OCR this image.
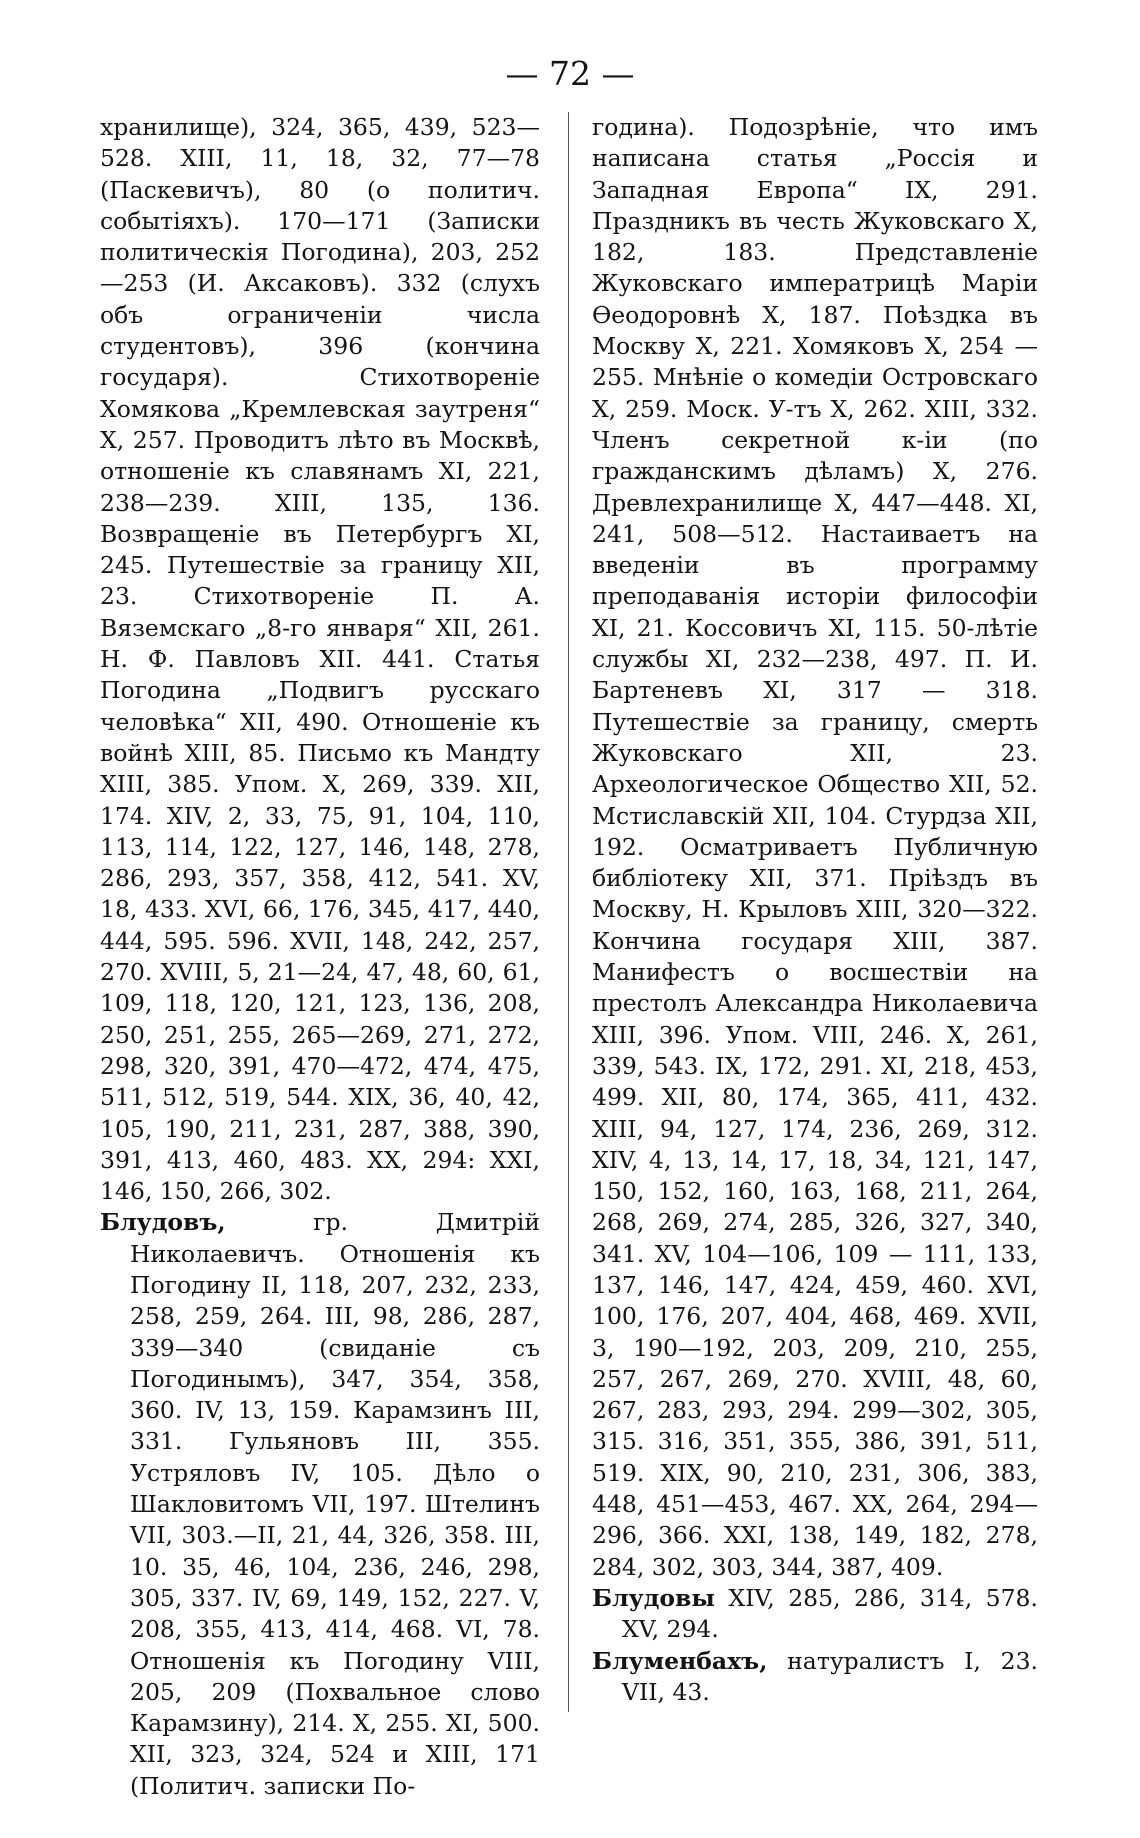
— 72 —

хранилище), 324, 365, 439, 523—528. XIII, 11, 18, 32, 77—78 (Паскевичъ), 80 (о политич. событіяхъ). 170—171 (Записки политическія Погодина), 203, 252—253 (И. Аксаковъ). 332 (слухъ объ ограниченіи числа студентовъ), 396 (кончина государя). Стихотвореніе Хомякова „Кремлевская заутреня“ X, 257. Проводитъ лѣто въ Москвѣ, отношеніе къ славянамъ XI, 221, 238—239. XIII, 135, 136. Возвращеніе въ Петербургъ XI, 245. Путешествіе за границу XII, 23. Стихотвореніе П. А. Вяземскаго „8-го января“ XII, 261. Н. Ф. Павловъ XII. 441. Статья Погодина „Подвигъ русскаго человѣка“ XII, 490. Отношеніе къ войнѣ XIII, 85. Письмо къ Мандту XIII, 385. Упом. X, 269, 339. XII, 174. XIV, 2, 33, 75, 91, 104, 110, 113, 114, 122, 127, 146, 148, 278, 286, 293, 357, 358, 412, 541. XV, 18, 433. XVI, 66, 176, 345, 417, 440, 444, 595. 596. XVII, 148, 242, 257, 270. XVIII, 5, 21—24, 47, 48, 60, 61, 109, 118, 120, 121, 123, 136, 208, 250, 251, 255, 265—269, 271, 272, 298, 320, 391, 470—472, 474, 475, 511, 512, 519, 544. XIX, 36, 40, 42, 105, 190, 211, 231, 287, 388, 390, 391, 413, 460, 483. XX, 294: XXI, 146, 150, 266, 302.

Блудовъ,	гр. Дмитрій Николаевичъ. Отношенія къ Погодину II, 118, 207, 232, 233, 258, 259, 264. III, 98, 286, 287, 339—340 (свиданіе съ Погодинымъ), 347, 354, 358, 360. IV, 13, 159. Карамзинъ III, 331. Гульяновъ III, 355. Устряловъ IV, 105. Дѣло о Шакловитомъ VII, 197. Штелинъ VII, 303.—II, 21, 44, 326, 358. III, 10. 35, 46, 104, 236, 246, 298, 305, 337. IV, 69, 149, 152, 227. V, 208, 355, 413, 414, 468. VI, 78. Отношенія къ Погодину VIII, 205, 209 (Похвальное слово Карамзину), 214. X, 255. XI, 500. XII, 323, 324, 524 и XIII, 171 (Политич. записки По-

година). Подозрѣніе, что имъ написана статья „Россія и Западная Европа“ IX, 291. Праздникъ въ честь Жуковскаго X, 182, 183. Представленіе Жуковскаго императрицѣ Маріи Ѳеодоровнѣ X, 187. Поѣздка въ Москву X, 221. Хомяковъ X, 254 —255. Мнѣніе о комедіи Островскаго X, 259. Моск. У-тъ X, 262. XIII, 332. Членъ секретной к-іи (по гражданскимъ дѣламъ) X, 276. Древлехранилище X, 447—448. XI, 241, 508—512. Настаиваетъ на введеніи въ программу преподаванія исторіи философіи XI, 21. Коссовичъ XI, 115. 50-лѣтіе службы XI, 232—238, 497. П. И. Бартеневъ XI, 317 — 318. Путешествіе за границу, смерть Жуковскаго XII, 23. Археологическое Общество XII, 52. Мстиславскій XII, 104. Стурдза XII, 192. Осматриваетъ Публичную библіотеку XII, 371. Пріѣздъ въ Москву, Н. Крыловъ XIII, 320—322. Кончина государя XIII, 387. Манифестъ о восшествіи на престолъ Александра Николаевича XIII, 396. Упом. VIII, 246. X, 261, 339, 543. IX, 172, 291. XI, 218, 453, 499. XII, 80, 174, 365, 411, 432. XIII, 94, 127, 174, 236, 269, 312. XIV, 4, 13, 14, 17, 18, 34, 121, 147, 150, 152, 160, 163, 168, 211, 264, 268, 269, 274, 285, 326, 327, 340, 341. XV, 104—106, 109 — 111, 133, 137, 146, 147, 424, 459, 460. XVI, 100, 176, 207, 404, 468, 469. XVII, 3, 190—192, 203, 209, 210, 255, 257, 267, 269, 270. XVIII, 48, 60, 267, 283, 293, 294. 299—302, 305, 315. 316, 351, 355, 386, 391, 511, 519. XIX, 90, 210, 231, 306, 383, 448, 451—453, 467. XX, 264, 294—296, 366. XXI, 138, 149, 182, 278, 284, 302, 303, 344, 387, 409.

Блудовы XIV, 285, 286, 314, 578. XV, 294.

Блуменбахъ, натуралистъ I, 23. VII, 43.
